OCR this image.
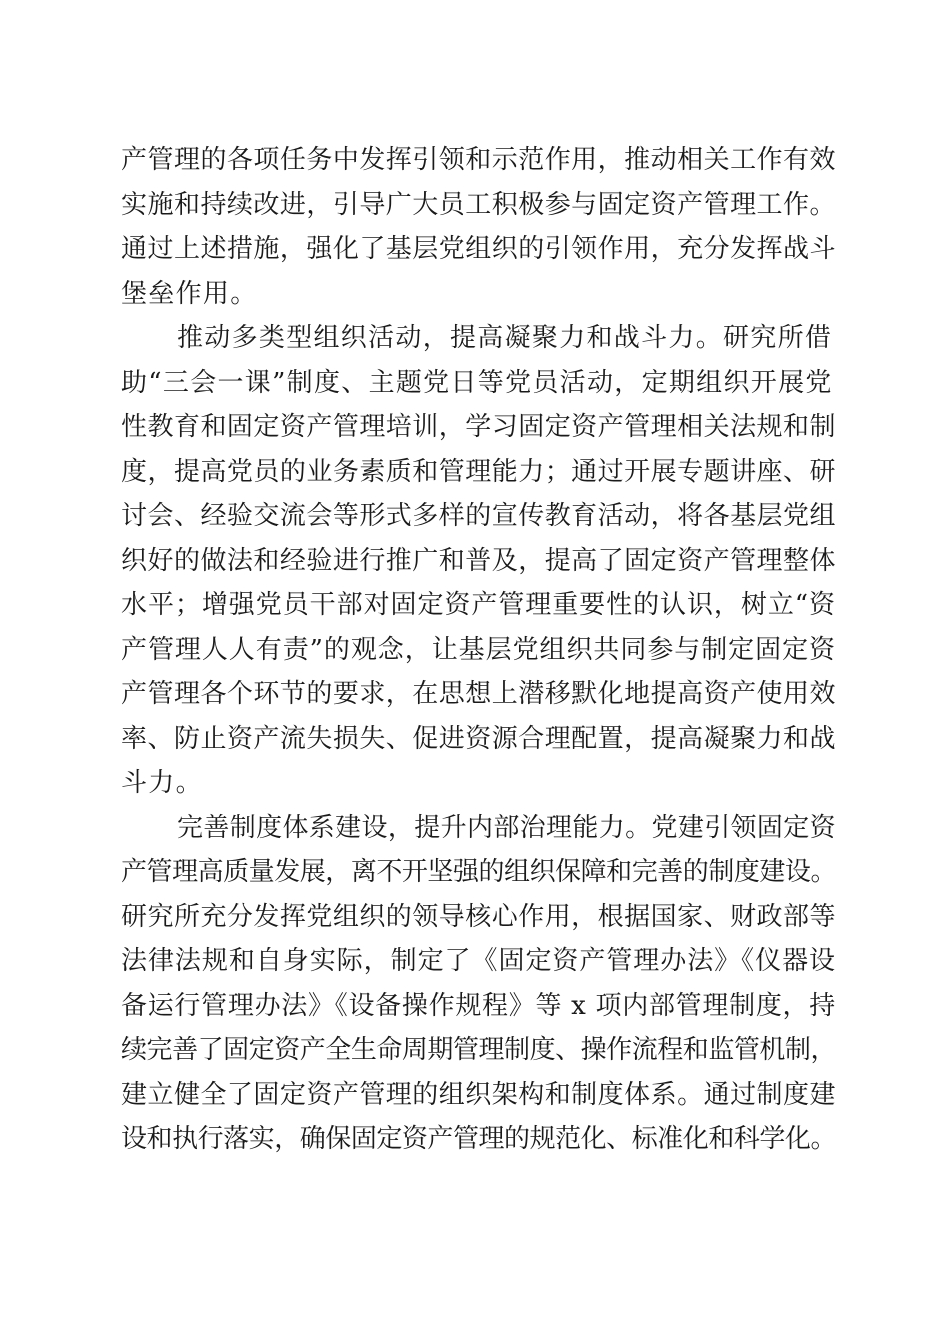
产管理的各项任务中发挥引领和示范作用，推动相关工作有效
实施和持续改进，引导广大员工积极参与固定资产管理工作。
通过上述措施，强化了基层党组织的引领作用，充分发挥战斗
堡垒作用。
推动多类型组织活动，提高凝聚力和战斗力。研究所借
助“三会一课”制度、主题党日等党员活动，定期组织开展党
性教育和固定资产管理培训，学习固定资产管理相关法规和制
度，提高党员的业务素质和管理能力；通过开展专题讲座、研
讨会、经验交流会等形式多样的宣传教育活动，将各基层党组
织好的做法和经验进行推广和普及，提高了固定资产管理整体
水平；增强党员干部对固定资产管理重要性的认识，树立“资
产管理人人有责”的观念，让基层党组织共同参与制定固定资
产管理各个环节的要求，在思想上潜移默化地提高资产使用效
率、防止资产流失损失、促进资源合理配置，提高凝聚力和战
斗力。
完善制度体系建设，提升内部治理能力。党建引领固定资
产管理高质量发展，离不开坚强的组织保障和完善的制度建设。
研究所充分发挥党组织的领导核心作用，根据国家、财政部等
法律法规和自身实际，制定了《固定资产管理办法》《仪器设
备运行管理办法》《设备操作规程》等 x 项内部管理制度，持
续完善了固定资产全生命周期管理制度、操作流程和监管机制，
建立健全了固定资产管理的组织架构和制度体系。通过制度建
设和执行落实，确保固定资产管理的规范化、标准化和科学化。
